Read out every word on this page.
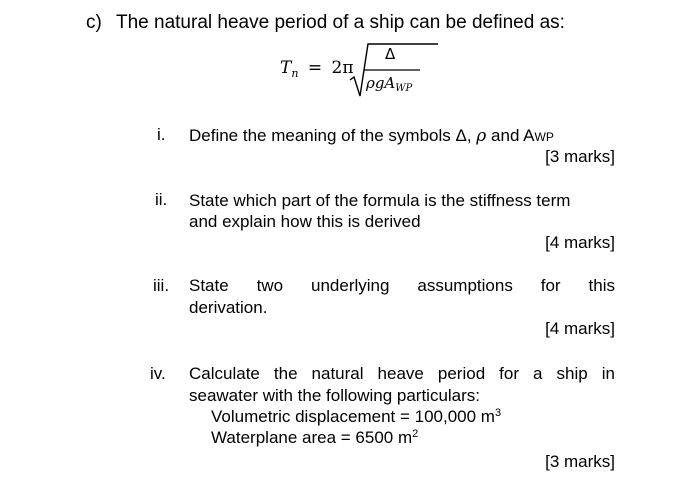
c) The natural heave period of a ship can be defined as:
$T_n = 2\pi$
Δ
ρgA$_{WP}$
i. Define the meaning of the symbols Δ, ρ and AWP
[3 marks]
ii. State which part of the formula is the stiffness term
and explain how this is derived
[4 marks]
iii. State two underlying assumptions for this
derivation.
[4 marks]
iv. Calculate the natural heave period for a ship in
seawater with the following particulars:
Volumetric displacement = 100,000 $m^3$
Waterplane area = 6500 $m^2$
[3 marks]
